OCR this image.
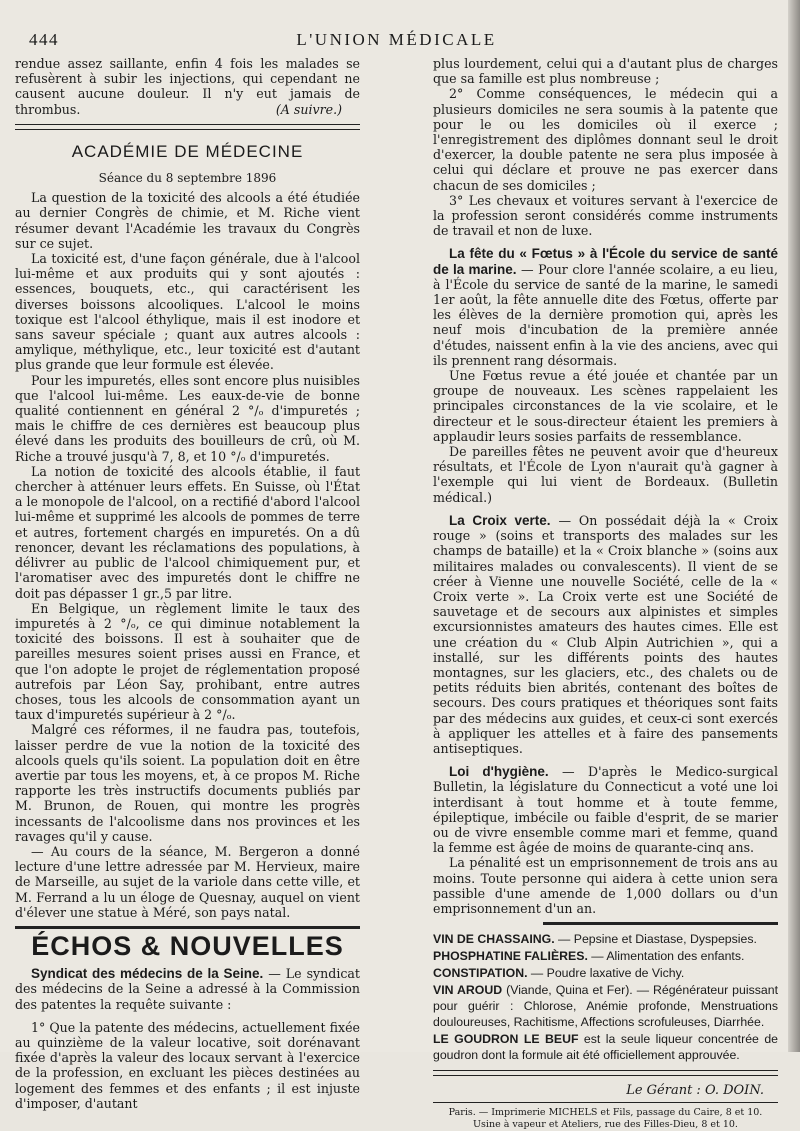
444	L'UNION MÉDICALE

rendue assez saillante, enfin 4 fois les malades se refusèrent à subir les injections, qui cependant ne causent aucune douleur. Il n'y eut jamais de thrombus.	(A suivre.)

ACADÉMIE DE MÉDECINE
Séance du 8 septembre 1896

La question de la toxicité des alcools a été étudiée au dernier Congrès de chimie, et M. Riche vient résumer devant l'Académie les travaux du Congrès sur ce sujet.

La toxicité est, d'une façon générale, due à l'alcool lui-même et aux produits qui y sont ajoutés : essences, bouquets, etc., qui caractérisent les diverses boissons alcooliques. L'alcool le moins toxique est l'alcool éthylique, mais il est inodore et sans saveur spéciale ; quant aux autres alcools : amylique, méthylique, etc., leur toxicité est d'autant plus grande que leur formule est élevée.

Pour les impuretés, elles sont encore plus nuisibles que l'alcool lui-même. Les eaux-de-vie de bonne qualité contiennent en général 2 °/ₒ d'impuretés ; mais le chiffre de ces dernières est beaucoup plus élevé dans les produits des bouilleurs de crû, où M. Riche a trouvé jusqu'à 7, 8, et 10 °/ₒ d'impuretés.

La notion de toxicité des alcools établie, il faut chercher à atténuer leurs effets. En Suisse, où l'État a le monopole de l'alcool, on a rectifié d'abord l'alcool lui-même et supprimé les alcools de pommes de terre et autres, fortement chargés en impuretés. On a dû renoncer, devant les réclamations des populations, à délivrer au public de l'alcool chimiquement pur, et l'aromatiser avec des impuretés dont le chiffre ne doit pas dépasser 1 gr.,5 par litre.

En Belgique, un règlement limite le taux des impuretés à 2 °/ₒ, ce qui diminue notablement la toxicité des boissons. Il est à souhaiter que de pareilles mesures soient prises aussi en France, et que l'on adopte le projet de réglementation proposé autrefois par Léon Say, prohibant, entre autres choses, tous les alcools de consommation ayant un taux d'impuretés supérieur à 2 °/ₒ.

Malgré ces réformes, il ne faudra pas, toutefois, laisser perdre de vue la notion de la toxicité des alcools quels qu'ils soient. La population doit en être avertie par tous les moyens, et, à ce propos M. Riche rapporte les très instructifs documents publiés par M. Brunon, de Rouen, qui montre les progrès incessants de l'alcoolisme dans nos provinces et les ravages qu'il y cause.

— Au cours de la séance, M. Bergeron a donné lecture d'une lettre adressée par M. Hervieux, maire de Marseille, au sujet de la variole dans cette ville, et M. Ferrand a lu un éloge de Quesnay, auquel on vient d'élever une statue à Méré, son pays natal.

ÉCHOS & NOUVELLES

Syndicat des médecins de la Seine. — Le syndicat des médecins de la Seine a adressé à la Commission des patentes la requête suivante :

1° Que la patente des médecins, actuellement fixée au quinzième de la valeur locative, soit dorénavant fixée d'après la valeur des locaux servant à l'exercice de la profession, en excluant les pièces destinées au logement des femmes et des enfants ; il est injuste d'imposer, d'autant

plus lourdement, celui qui a d'autant plus de charges que sa famille est plus nombreuse ;

2° Comme conséquences, le médecin qui a plusieurs domiciles ne sera soumis à la patente que pour le ou les domiciles où il exerce ; l'enregistrement des diplômes donnant seul le droit d'exercer, la double patente ne sera plus imposée à celui qui déclare et prouve ne pas exercer dans chacun de ses domiciles ;

3° Les chevaux et voitures servant à l'exercice de la profession seront considérés comme instruments de travail et non de luxe.

La fête du « Fœtus » à l'École du service de santé de la marine. — Pour clore l'année scolaire, a eu lieu, à l'École du service de santé de la marine, le samedi 1er août, la fête annuelle dite des Fœtus, offerte par les élèves de la dernière promotion qui, après les neuf mois d'incubation de la première année d'études, naissent enfin à la vie des anciens, avec qui ils prennent rang désormais.

Une Fœtus revue a été jouée et chantée par un groupe de nouveaux. Les scènes rappelaient les principales circonstances de la vie scolaire, et le directeur et le sous-directeur étaient les premiers à applaudir leurs sosies parfaits de ressemblance.

De pareilles fêtes ne peuvent avoir que d'heureux résultats, et l'École de Lyon n'aurait qu'à gagner à l'exemple qui lui vient de Bordeaux. (Bulletin médical.)

La Croix verte. — On possédait déjà la « Croix rouge » (soins et transports des malades sur les champs de bataille) et la « Croix blanche » (soins aux militaires malades ou convalescents). Il vient de se créer à Vienne une nouvelle Société, celle de la « Croix verte ». La Croix verte est une Société de sauvetage et de secours aux alpinistes et simples excursionnistes amateurs des hautes cimes. Elle est une création du « Club Alpin Autrichien », qui a installé, sur les différents points des hautes montagnes, sur les glaciers, etc., des chalets ou de petits réduits bien abrités, contenant des boîtes de secours. Des cours pratiques et théoriques sont faits par des médecins aux guides, et ceux-ci sont exercés à appliquer les attelles et à faire des pansements antiseptiques.

Loi d'hygiène. — D'après le Medico-surgical Bulletin, la législature du Connecticut a voté une loi interdisant à tout homme et à toute femme, épileptique, imbécile ou faible d'esprit, de se marier ou de vivre ensemble comme mari et femme, quand la femme est âgée de moins de quarante-cinq ans.

La pénalité est un emprisonnement de trois ans au moins. Toute personne qui aidera à cette union sera passible d'une amende de 1,000 dollars ou d'un emprisonnement d'un an.

VIN DE CHASSAING. — Pepsine et Diastase, Dyspepsies.

PHOSPHATINE FALIÈRES. — Alimentation des enfants.

CONSTIPATION. — Poudre laxative de Vichy.

VIN AROUD (Viande, Quina et Fer). — Régénérateur puissant pour guérir : Chlorose, Anémie profonde, Menstruations douloureuses, Rachitisme, Affections scrofuleuses, Diarrhée.

LE GOUDRON LE BEUF est la seule liqueur concentrée de goudron dont la formule ait été officiellement approuvée.

Le Gérant : O. DOIN.
Paris. — Imprimerie MICHELS et Fils, passage du Caire, 8 et 10.
Usine à vapeur et Ateliers, rue des Filles-Dieu, 8 et 10.
